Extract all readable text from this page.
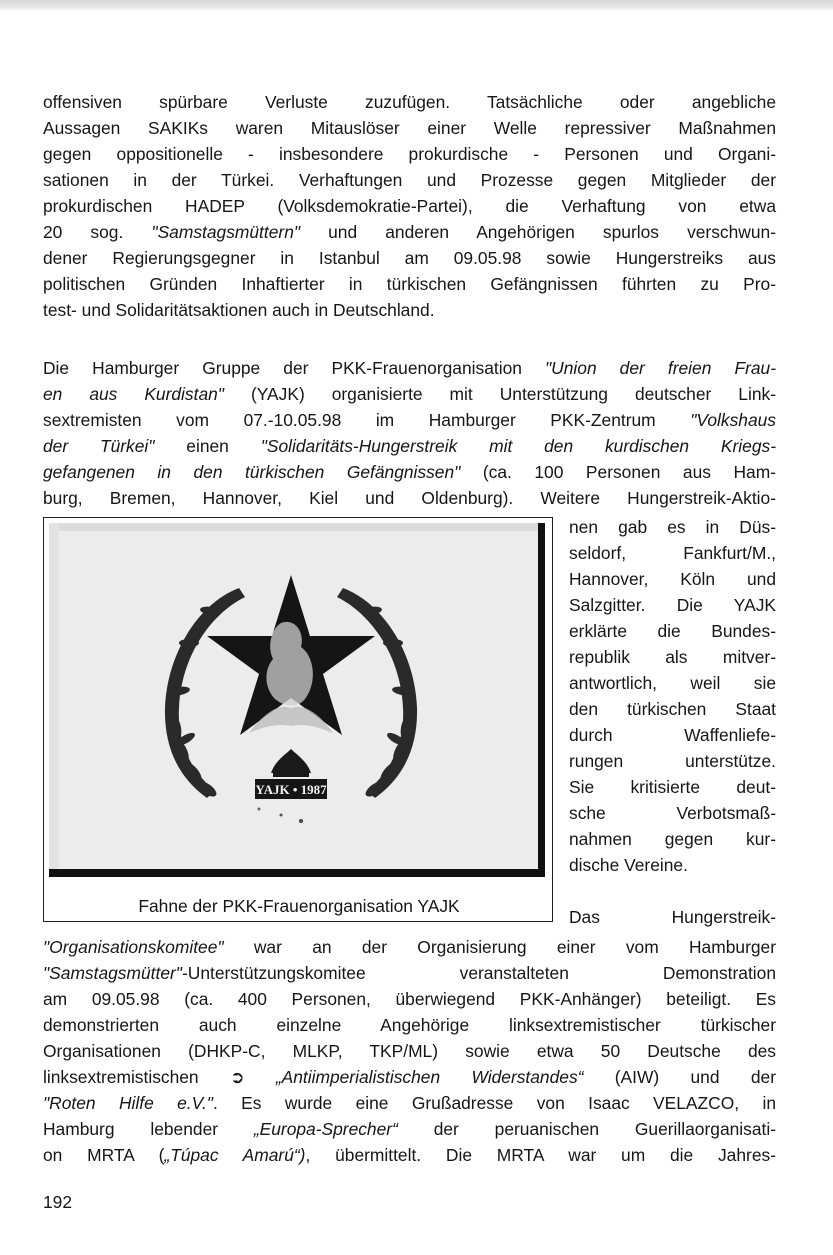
offensiven spürbare Verluste zuzufügen. Tatsächliche oder angebliche
Aussagen SAKIKs waren Mitauslöser einer Welle repressiver Maßnahmen
gegen oppositionelle - insbesondere prokurdische - Personen und Organi-
sationen in der Türkei. Verhaftungen und Prozesse gegen Mitglieder der
prokurdischen HADEP (Volksdemokratie-Partei), die Verhaftung von etwa
20 sog. "Samstagsmüttern" und anderen Angehörigen spurlos verschwun-
dener Regierungsgegner in Istanbul am 09.05.98 sowie Hungerstreiks aus
politischen Gründen Inhaftierter in türkischen Gefängnissen führten zu Pro-
test- und Solidaritätsaktionen auch in Deutschland.
Die Hamburger Gruppe der PKK-Frauenorganisation "Union der freien Frau-
en aus Kurdistan" (YAJK) organisierte mit Unterstützung deutscher Link-
sextremisten vom 07.-10.05.98 im Hamburger PKK-Zentrum "Volkshaus
der Türkei" einen "Solidaritäts-Hungerstreik mit den kurdischen Kriegs-
gefangenen in den türkischen Gefängnissen" (ca. 100 Personen aus Ham-
burg, Bremen, Hannover, Kiel und Oldenburg). Weitere Hungerstreik-Aktio-
YAJK • 1987
Fahne der PKK-Frauenorganisation YAJK
nen gab es in Düs-
seldorf, Fankfurt/M.,
Hannover, Köln und
Salzgitter. Die YAJK
erklärte die Bundes-
republik als mitver-
antwortlich, weil sie
den türkischen Staat
durch Waffenliefe-
rungen unterstütze.
Sie kritisierte deut-
sche Verbotsmaß-
nahmen gegen kur-
dische Vereine.
Das Hungerstreik-
"Organisationskomitee" war an der Organisierung einer vom Hamburger
"Samstagsmütter"-Unterstützungskomitee veranstalteten Demonstration
am 09.05.98 (ca. 400 Personen, überwiegend PKK-Anhänger) beteiligt. Es
demonstrierten auch einzelne Angehörige linksextremistischer türkischer
Organisationen (DHKP-C, MLKP, TKP/ML) sowie etwa 50 Deutsche des
linksextremistischen ➲ „Antiimperialistischen Widerstandes“ (AIW) und der
"Roten Hilfe e.V.". Es wurde eine Grußadresse von Isaac VELAZCO, in
Hamburg lebender „Europa-Sprecher“ der peruanischen Guerillaorganisati-
on MRTA („Túpac Amarú“), übermittelt. Die MRTA war um die Jahres-
192
